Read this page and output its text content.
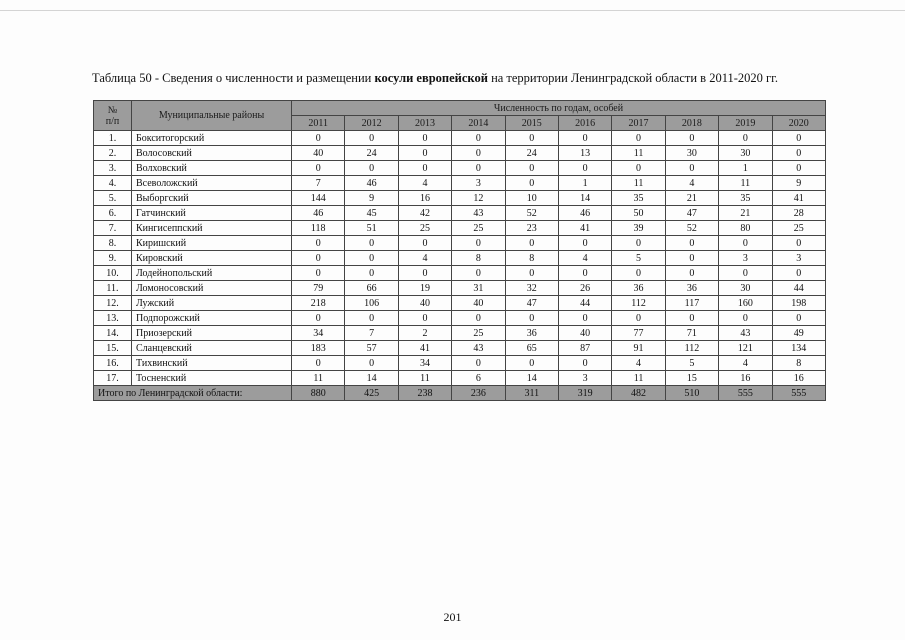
Таблица 50 - Сведения о численности и размещении косули европейской на территории Ленинградской области в 2011-2020 гг.
№
п/п	Муниципальные районы	Численность по годам, особей									
		2011	2012	2013	2014	2015	2016	2017	2018	2019	2020
1.	Бокситогорский	0	0	0	0	0	0	0	0	0	0
2.	Волосовский	40	24	0	0	24	13	11	30	30	0
3.	Волховский	0	0	0	0	0	0	0	0	1	0
4.	Всеволожский	7	46	4	3	0	1	11	4	11	9
5.	Выборгский	144	9	16	12	10	14	35	21	35	41
6.	Гатчинский	46	45	42	43	52	46	50	47	21	28
7.	Кингисеппский	118	51	25	25	23	41	39	52	80	25
8.	Киришский	0	0	0	0	0	0	0	0	0	0
9.	Кировский	0	0	4	8	8	4	5	0	3	3
10.	Лодейнопольский	0	0	0	0	0	0	0	0	0	0
11.	Ломоносовский	79	66	19	31	32	26	36	36	30	44
12.	Лужский	218	106	40	40	47	44	112	117	160	198
13.	Подпорожский	0	0	0	0	0	0	0	0	0	0
14.	Приозерский	34	7	2	25	36	40	77	71	43	49
15.	Сланцевский	183	57	41	43	65	87	91	112	121	134
16.	Тихвинский	0	0	34	0	0	0	4	5	4	8
17.	Тосненский	11	14	11	6	14	3	11	15	16	16
Итого по Ленинградской области:		880	425	238	236	311	319	482	510	555	555
201
